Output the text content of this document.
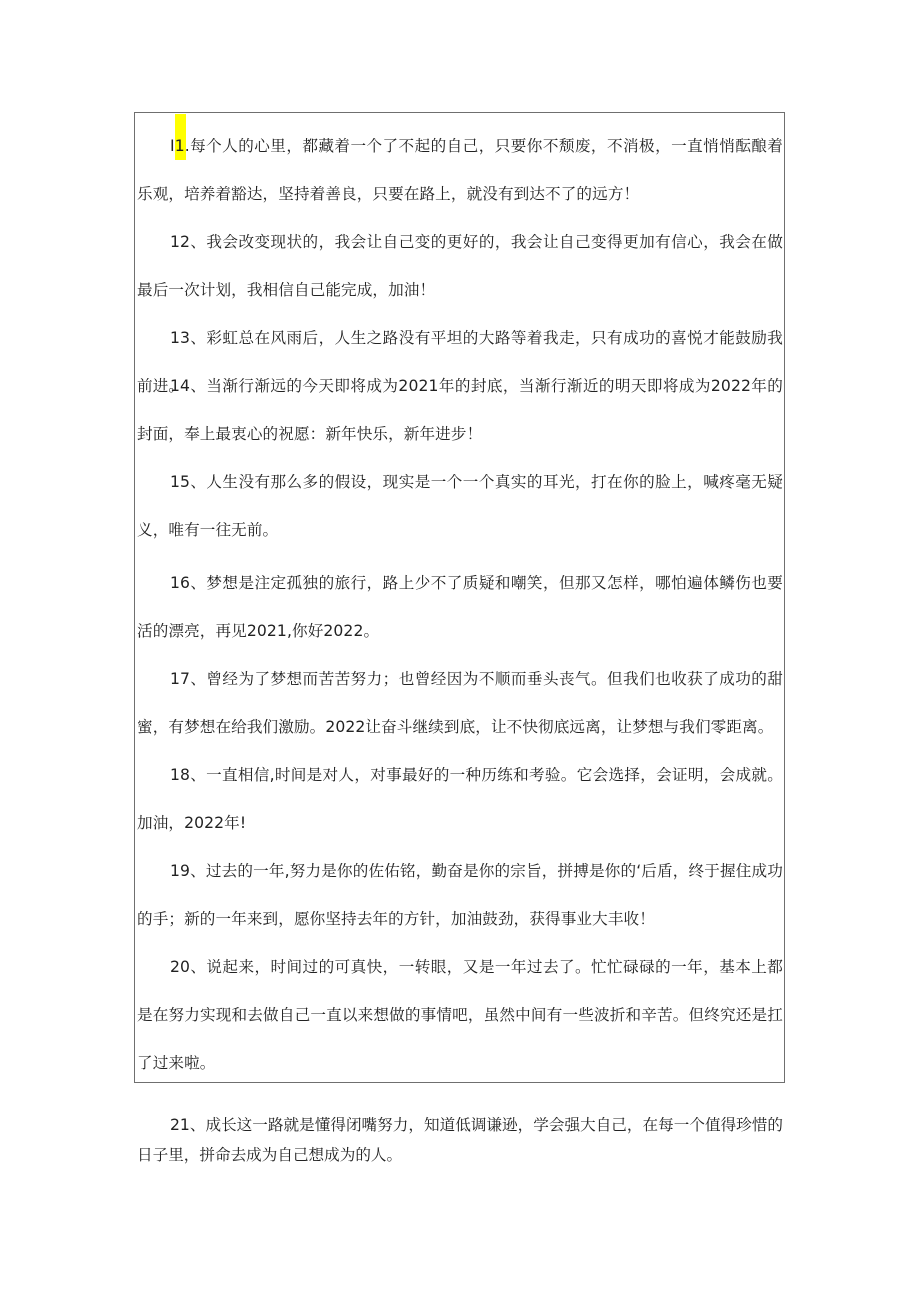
I1.每个人的心里，都藏着一个了不起的自己，只要你不颓废，不消极，一直悄悄酝酿着乐观，培养着豁达，坚持着善良，只要在路上，就没有到达不了的远方！

12、我会改变现状的，我会让自己变的更好的，我会让自己变得更加有信心，我会在做最后一次计划，我相信自己能完成，加油！

13、彩虹总在风雨后，人生之路没有平坦的大路等着我走，只有成功的喜悦才能鼓励我前进。

14、当渐行渐远的今天即将成为2021年的封底，当渐行渐近的明天即将成为2022年的封面，奉上最衷心的祝愿：新年快乐，新年进步！

15、人生没有那么多的假设，现实是一个一个真实的耳光，打在你的脸上，喊疼毫无疑义，唯有一往无前。

16、梦想是注定孤独的旅行，路上少不了质疑和嘲笑，但那又怎样，哪怕遍体鳞伤也要活的漂亮，再见2021,你好2022。

17、曾经为了梦想而苦苦努力；也曾经因为不顺而垂头丧气。但我们也收获了成功的甜蜜，有梦想在给我们激励。2022让奋斗继续到底，让不快彻底远离，让梦想与我们零距离。

18、一直相信,时间是对人，对事最好的一种历练和考验。它会选择，会证明，会成就。加油，2022年!

19、过去的一年,努力是你的佐佑铭，勤奋是你的宗旨，拼搏是你的‘后盾，终于握住成功的手；新的一年来到，愿你坚持去年的方针，加油鼓劲，获得事业大丰收！

20、说起来，时间过的可真快，一转眼，又是一年过去了。忙忙碌碌的一年，基本上都是在努力实现和去做自己一直以来想做的事情吧，虽然中间有一些波折和辛苦。但终究还是扛了过来啦。

21、成长这一路就是懂得闭嘴努力，知道低调谦逊，学会强大自己，在每一个值得珍惜的日子里，拼命去成为自己想成为的人。
